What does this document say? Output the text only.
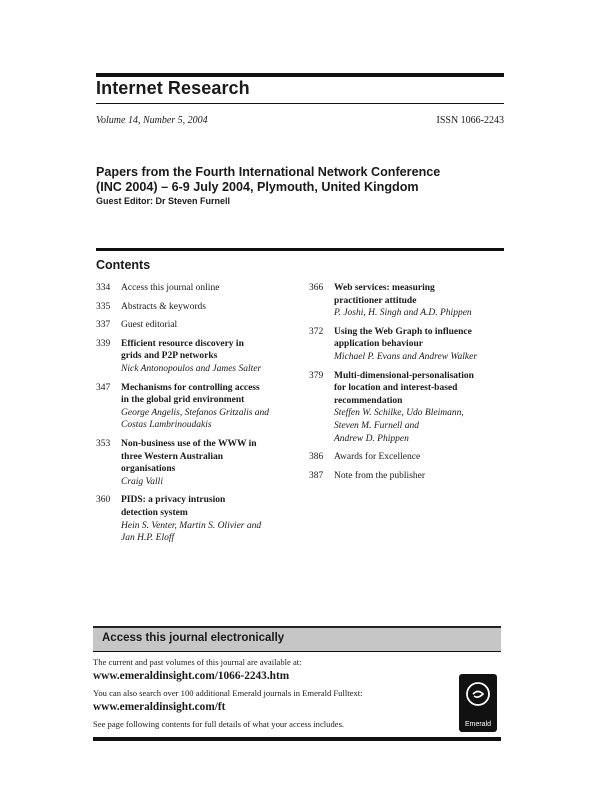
Internet Research
Volume 14, Number 5, 2004	ISSN 1066-2243
Papers from the Fourth International Network Conference
(INC 2004) – 6-9 July 2004, Plymouth, United Kingdom
Guest Editor: Dr Steven Furnell
Contents
334	Access this journal online
335	Abstracts & keywords
337	Guest editorial
339	Efficient resource discovery in
grids and P2P networks
Nick Antonopoulos and James Salter
347	Mechanisms for controlling access
in the global grid environment
George Angelis, Stefanos Gritzalis and
Costas Lambrinoudakis
353	Non-business use of the WWW in
three Western Australian
organisations
Craig Valli
360	PIDS: a privacy intrusion
detection system
Hein S. Venter, Martin S. Olivier and
Jan H.P. Eloff
366	Web services: measuring
practitioner attitude
P. Joshi, H. Singh and A.D. Phippen
372	Using the Web Graph to influence
application behaviour
Michael P. Evans and Andrew Walker
379	Multi-dimensional-personalisation
for location and interest-based
recommendation
Steffen W. Schilke, Udo Bleimann,
Steven M. Furnell and
Andrew D. Phippen
386	Awards for Excellence
387	Note from the publisher
Access this journal electronically
The current and past volumes of this journal are available at:
www.emeraldinsight.com/1066-2243.htm
You can also search over 100 additional Emerald journals in Emerald Fulltext:
www.emeraldinsight.com/ft
See page following contents for full details of what your access includes.	Emerald
